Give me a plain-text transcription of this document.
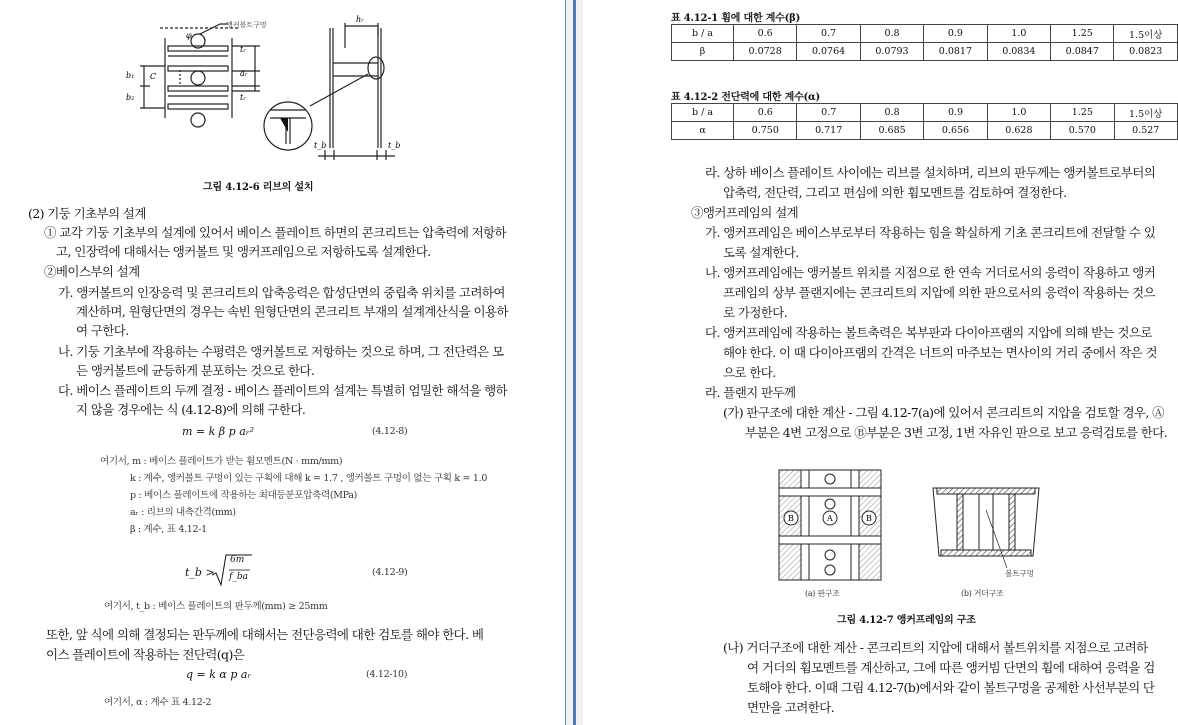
앵커볼트구멍
φ
C
b₁
b₂
tᵣ
aᵣ
tᵣ
hᵣ
t_b	t_b
그림 4.12-6 리브의 설치
(2) 기둥 기초부의 설계
① 교각 기둥 기초부의 설계에 있어서 베이스 플레이트 하면의 콘크리트는 압축력에 저항하
고, 인장력에 대해서는 앵커볼트 및 앵커프레임으로 저항하도록 설계한다.
②베이스부의 설계
가. 앵커볼트의 인장응력 및 콘크리트의 압축응력은 합성단면의 중립축 위치를 고려하여
계산하며, 원형단면의 경우는 속빈 원형단면의 콘크리트 부재의 설계계산식을 이용하
여 구한다.
나. 기둥 기초부에 작용하는 수평력은 앵커볼트로 저항하는 것으로 하며, 그 전단력은 모
든 앵커볼트에 균등하게 분포하는 것으로 한다.
다. 베이스 플레이트의 두께 결정 - 베이스 플레이트의 설계는 특별히 엄밀한 해석을 행하
지 않을 경우에는 식 (4.12-8)에 의해 구한다.
m = k β p aᵣ²	(4.12-8)
여기서, m : 베이스 플레이트가 받는 휨모멘트(N · mm/mm)
k : 계수, 앵커볼트 구멍이 있는 구획에 대해 k = 1.7 , 앵커볼트 구멍이 없는 구획 k = 1.0
p : 베이스 플레이트에 작용하는 최대등분포압축력(MPa)
aᵣ : 리브의 내측간격(mm)
β : 계수, 표 4.12-1
t_b >
6m
f_ba	(4.12-9)
여기서, t_b : 베이스 플레이트의 판두께(mm) ≥ 25mm
또한, 앞 식에 의해 결정되는 판두께에 대해서는 전단응력에 대한 검토를 해야 한다. 베
이스 플레이트에 작용하는 전단력(q)은
q = k α p aᵣ	(4.12-10)
여기서, α : 계수 표 4.12-2
표 4.12-1 휨에 대한 계수(β)
b / a	0.6	0.7	0.8	0.9	1.0	1.25	1.5이상
β	0.0728	0.0764	0.0793	0.0817	0.0834	0.0847	0.0823
표 4.12-2 전단력에 대한 계수(α)
b / a	0.6	0.7	0.8	0.9	1.0	1.25	1.5이상
α	0.750	0.717	0.685	0.656	0.628	0.570	0.527
라. 상하 베이스 플레이트 사이에는 리브를 설치하며, 리브의 판두께는 앵커볼트로부터의
압축력, 전단력, 그리고 편심에 의한 휨모멘트를 검토하여 결정한다.
③앵커프레임의 설계
가. 앵커프레임은 베이스부로부터 작용하는 힘을 확실하게 기초 콘크리트에 전달할 수 있
도록 설계한다.
나. 앵커프레임에는 앵커볼트 위치를 지점으로 한 연속 거더로서의 응력이 작용하고 앵커
프레임의 상부 플랜지에는 콘크리트의 지압에 의한 판으로서의 응력이 작용하는 것으
로 가정한다.
다. 앵커프레임에 작용하는 볼트축력은 복부판과 다이아프램의 지압에 의해 받는 것으로
해야 한다. 이 때 다이아프램의 간격은 너트의 마주보는 면사이의 거리 중에서 작은 것
으로 한다.
라. 플랜지 판두께
(가) 판구조에 대한 계산 - 그림 4.12-7(a)에 있어서 콘크리트의 지압을 검토할 경우, Ⓐ
부분은 4변 고정으로 Ⓑ부분은 3변 고정, 1변 자유인 판으로 보고 응력검토를 한다.
B	A	B
볼트구멍
(a) 판구조	(b) 거더구조
그림 4.12-7 앵커프레임의 구조
(나) 거더구조에 대한 계산 - 콘크리트의 지압에 대해서 볼트위치를 지점으로 고려하
여 거더의 휨모멘트를 계산하고, 그에 따른 앵커빔 단면의 휨에 대하여 응력을 검
토해야 한다. 이때 그림 4.12-7(b)에서와 같이 볼트구멍을 공제한 사선부분의 단
면만을 고려한다.
